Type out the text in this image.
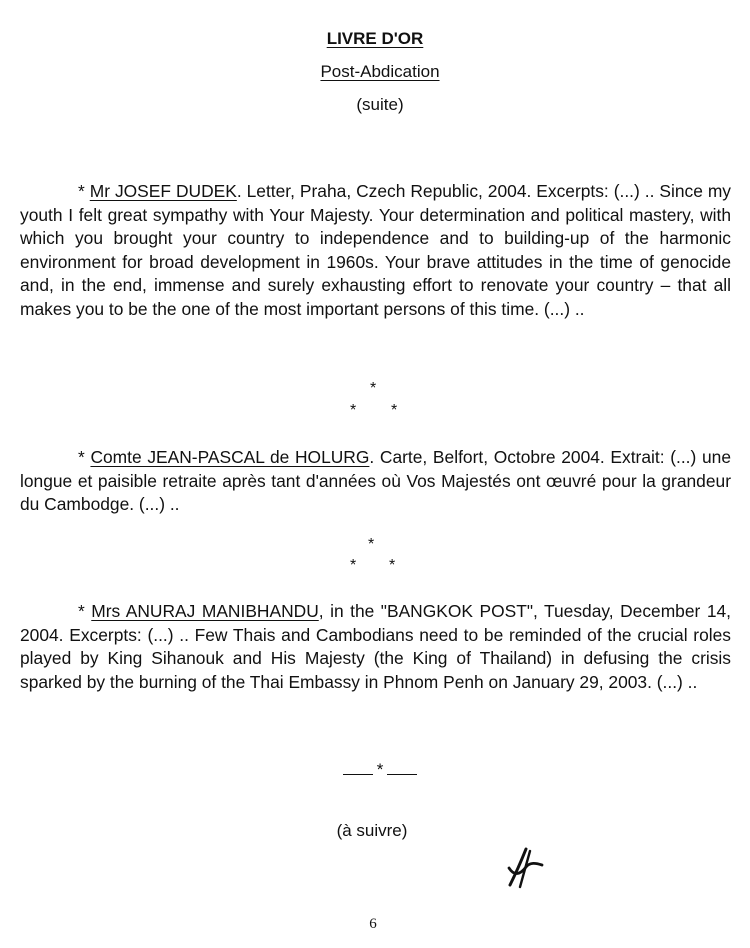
LIVRE D'OR
Post-Abdication
(suite)

* Mr JOSEF DUDEK. Letter, Praha, Czech Republic, 2004. Excerpts: (...) .. Since my youth I felt great sympathy with Your Majesty. Your determination and political mastery, with which you brought your country to independence and to building-up of the harmonic environment for broad development in 1960s. Your brave attitudes in the time of genocide and, in the end, immense and surely exhausting effort to renovate your country – that all makes you to be the one of the most important persons of this time. (...) ..

*
* *

* Comte JEAN-PASCAL de HOLURG. Carte, Belfort, Octobre 2004. Extrait: (...) une longue et paisible retraite après tant d'années où Vos Majestés ont œuvré pour la grandeur du Cambodge. (...) ..

*
* *

* Mrs ANURAJ MANIBHANDU, in the "BANGKOK POST", Tuesday, December 14, 2004. Excerpts: (...) .. Few Thais and Cambodians need to be reminded of the crucial roles played by King Sihanouk and His Majesty (the King of Thailand) in defusing the crisis sparked by the burning of the Thai Embassy in Phnom Penh on January 29, 2003. (...) ..

*
(à suivre)
6
